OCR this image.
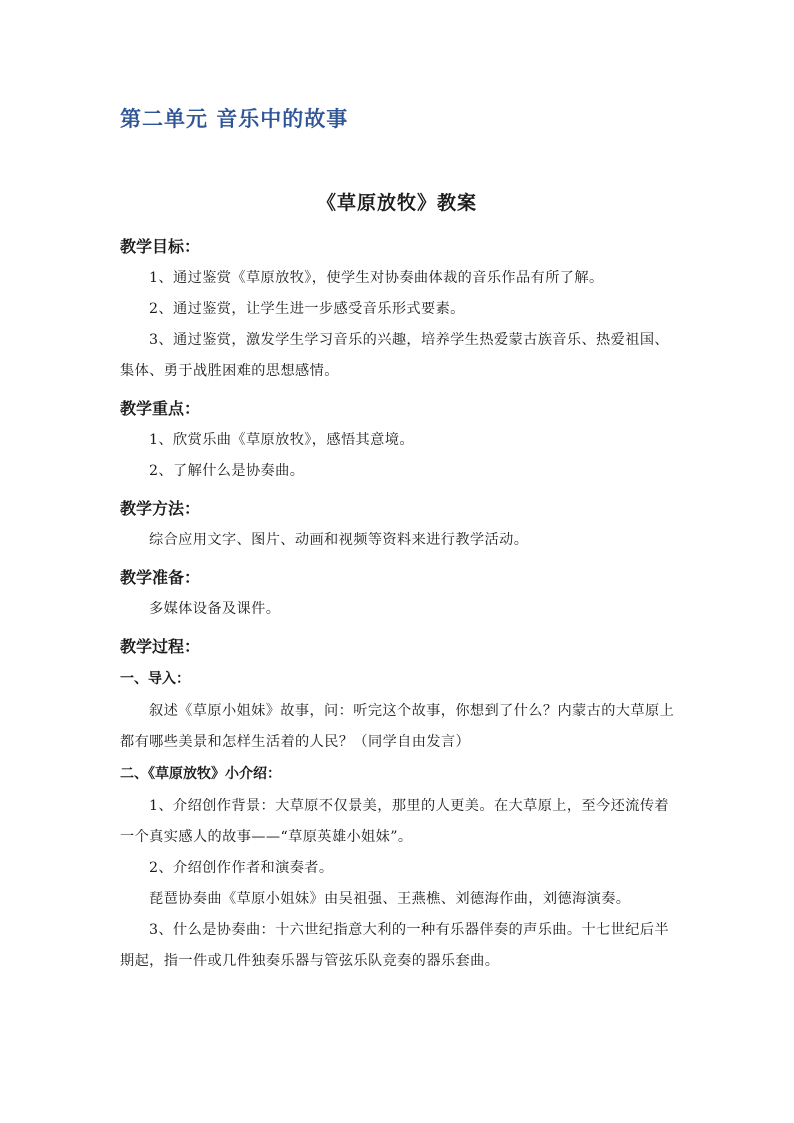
第二单元 音乐中的故事
《草原放牧》教案
教学目标：
1、通过鉴赏《草原放牧》，使学生对协奏曲体裁的音乐作品有所了解。
2、通过鉴赏，让学生进一步感受音乐形式要素。
3、通过鉴赏，激发学生学习音乐的兴趣，培养学生热爱蒙古族音乐、热爱祖国、集体、勇于战胜困难的思想感情。
教学重点：
1、欣赏乐曲《草原放牧》，感悟其意境。
2、了解什么是协奏曲。
教学方法：
综合应用文字、图片、动画和视频等资料来进行教学活动。
教学准备：
多媒体设备及课件。
教学过程：
一、导入：
叙述《草原小姐妹》故事，问：听完这个故事，你想到了什么？内蒙古的大草原上都有哪些美景和怎样生活着的人民？（同学自由发言）
二、《草原放牧》小介绍：
1、介绍创作背景：大草原不仅景美，那里的人更美。在大草原上，至今还流传着一个真实感人的故事——“草原英雄小姐妹”。
2、介绍创作作者和演奏者。
琵琶协奏曲《草原小姐妹》由吴祖强、王燕樵、刘德海作曲，刘德海演奏。
3、什么是协奏曲：十六世纪指意大利的一种有乐器伴奏的声乐曲。十七世纪后半期起，指一件或几件独奏乐器与管弦乐队竞奏的器乐套曲。
